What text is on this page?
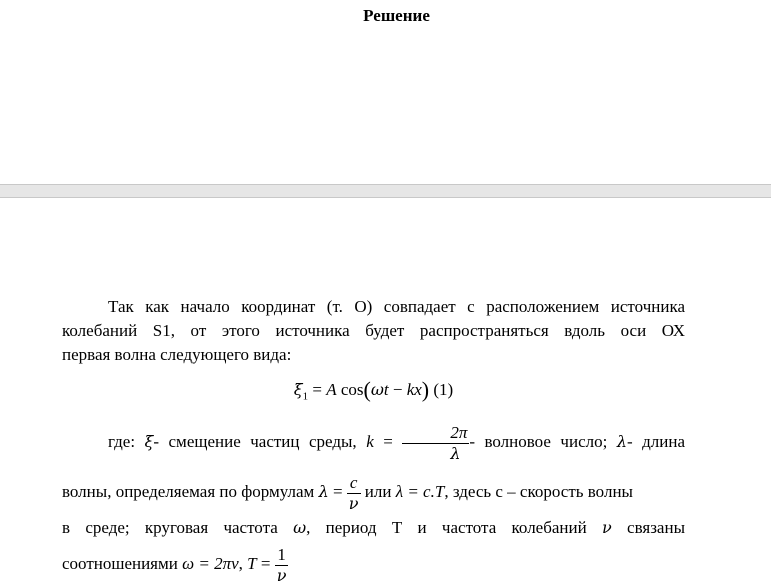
Решение
Так как начало координат (т. О) совпадает с расположением источника
колебаний S1, от этого источника будет распространяться вдоль оси ОХ
первая волна следующего вида:
$\xi_1 = A$ cos(ωt − kx) (1)
где: ξ- смещение частиц среды, $k = \frac{2\pi}{\lambda}$ - волновое число; λ- длина
волны, определяемая по формулам $\lambda = \frac{c}{\nu}$ или λ = c.T, здесь с – скорость волны
в среде; круговая частота ω, период Т и частота колебаний ν связаны
соотношениями ω = 2πν, $T = \frac{1}{\nu}$
